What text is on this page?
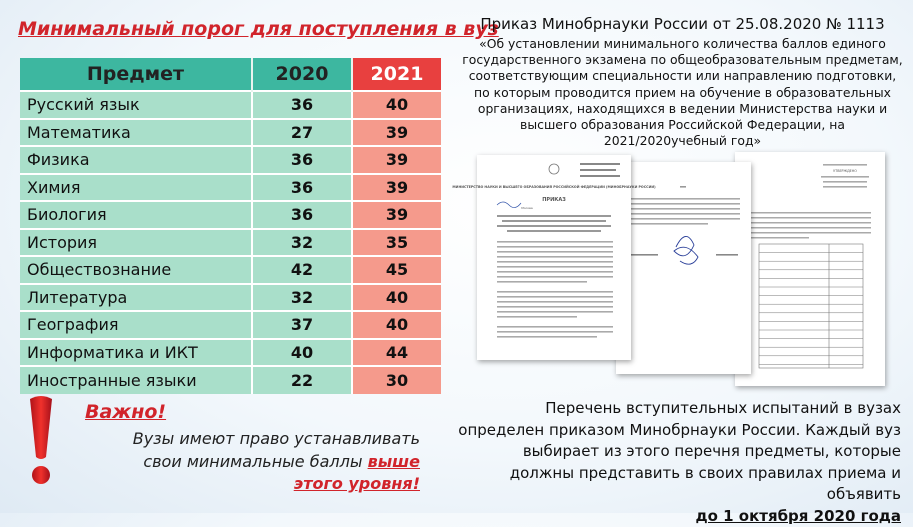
Минимальный порог для поступления в вуз
Предмет	2020	2021
Русский язык	36	40
Математика	27	39
Физика	36	39
Химия	36	39
Биология	36	39
История	32	35
Обществознание	42	45
Литература	32	40
География	37	40
Информатика и ИКТ	40	44
Иностранные языки	22	30
Важно!
Вузы имеют право устанавливать свои минимальные баллы выше этого уровня!
Приказ Минобрнауки России от 25.08.2020 № 1113
«Об установлении минимального количества баллов единого государственного экзамена по общеобразовательным предметам, соответствующим специальности или направлению подготовки, по которым проводится прием на обучение в образовательных организациях, находящихся в ведении Министерства науки и высшего образования Российской Федерации, на 2021/2020учебный год»
МИНИСТЕРСТВО НАУКИ И ВЫСШЕГО ОБРАЗОВАНИЯ РОССИЙСКОЙ ФЕДЕРАЦИИ (МИНОБРНАУКИ РОССИИ)
ПРИКАЗ
Москва
УТВЕРЖДЕНО
Перечень вступительных испытаний в вузах определен приказом Минобрнауки России. Каждый вуз выбирает из этого перечня предметы, которые должны представить в своих правилах приема и объявить
до 1 октября 2020 года
